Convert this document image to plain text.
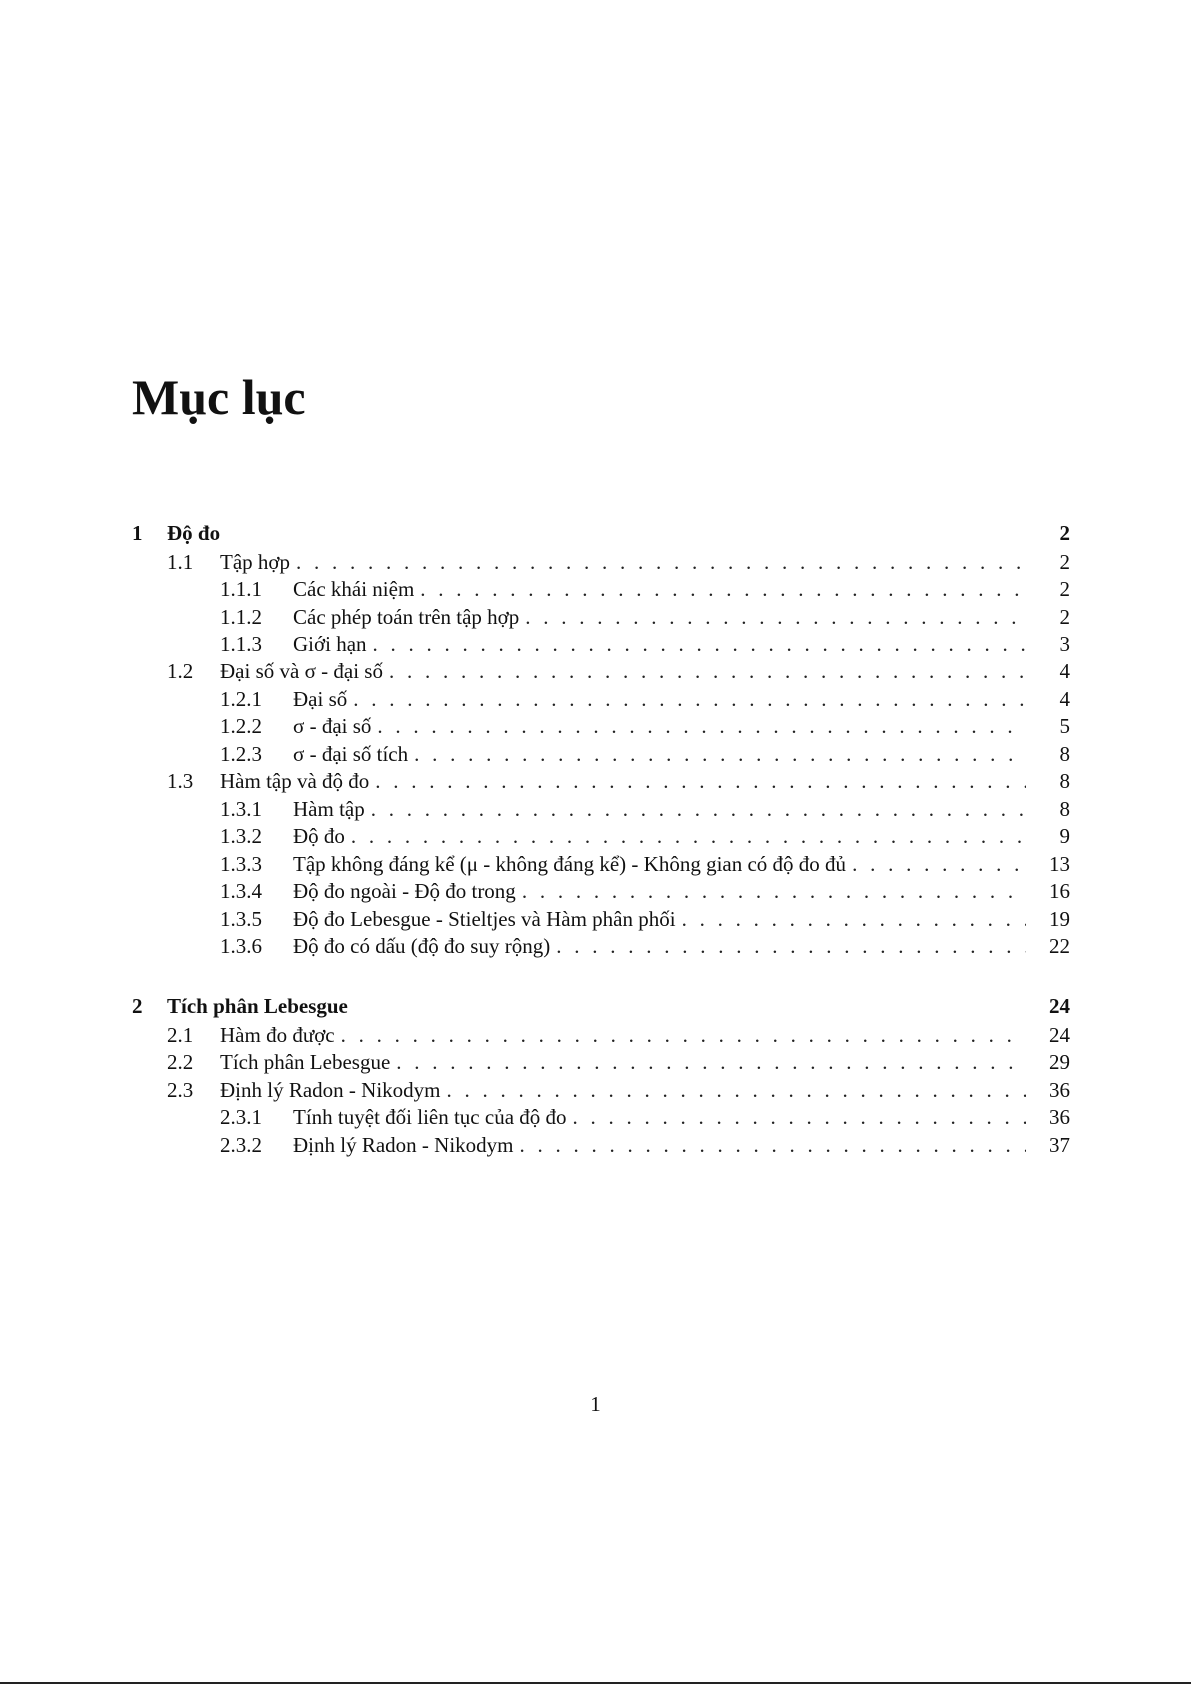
Mục lục
1	Độ đo	2
1.1	Tập hợp . . .	2
1.1.1	Các khái niệm . . .	2
1.1.2	Các phép toán trên tập hợp . . .	2
1.1.3	Giới hạn . . .	3
1.2	Đại số và σ - đại số . . .	4
1.2.1	Đại số . . .	4
1.2.2	σ - đại số . . .	5
1.2.3	σ - đại số tích . . .	8
1.3	Hàm tập và độ đo . . .	8
1.3.1	Hàm tập . . .	8
1.3.2	Độ đo . . .	9
1.3.3	Tập không đáng kể (μ - không đáng kể) - Không gian có độ đo đủ . . .	13
1.3.4	Độ đo ngoài - Độ đo trong . . .	16
1.3.5	Độ đo Lebesgue - Stieltjes và Hàm phân phối . . .	19
1.3.6	Độ đo có dấu (độ đo suy rộng) . . .	22
2	Tích phân Lebesgue	24
2.1	Hàm đo được . . .	24
2.2	Tích phân Lebesgue . . .	29
2.3	Định lý Radon - Nikodym . . .	36
2.3.1	Tính tuyệt đối liên tục của độ đo . . .	36
2.3.2	Định lý Radon - Nikodym . . .	37
1
